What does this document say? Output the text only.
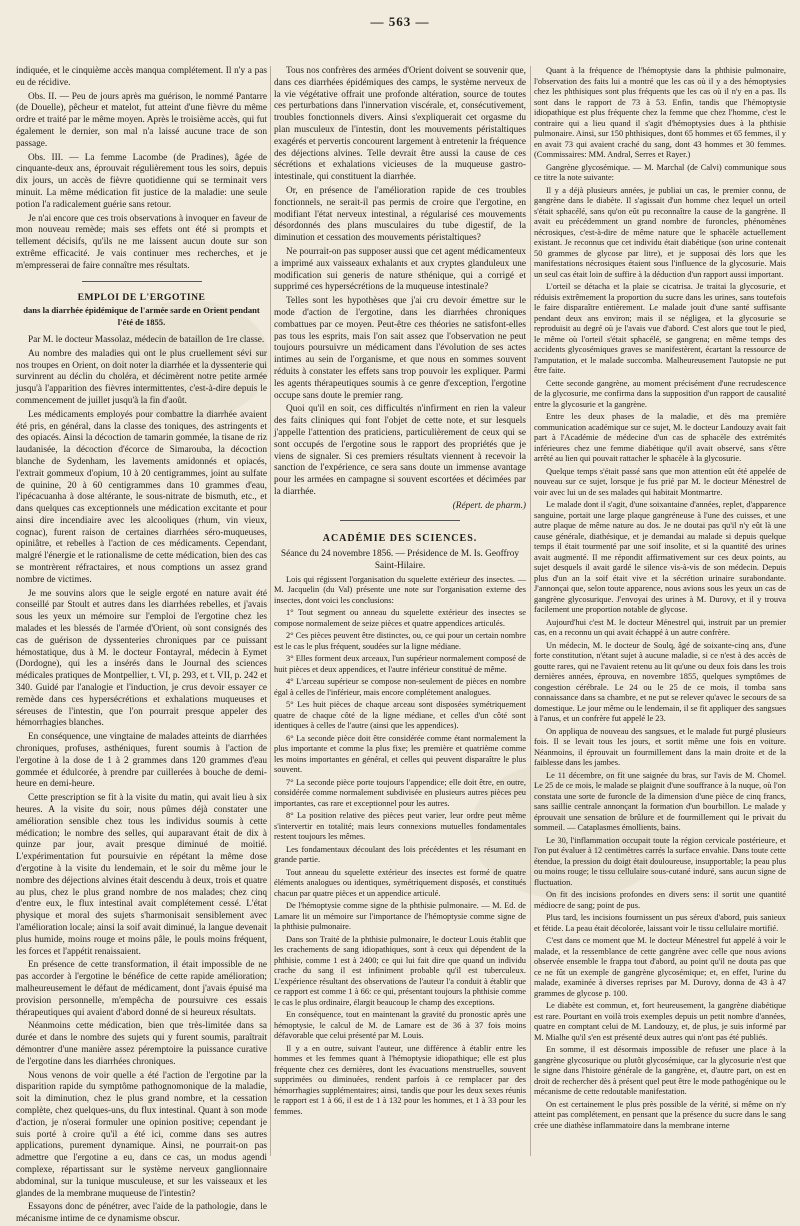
— 563 —

indiquée, et le cinquième accès manqua complétement. Il n'y a pas eu de récidive.

Obs. II. — Peu de jours après ma guérison, le nommé Pantarre (de Douelle), pêcheur et matelot, fut atteint d'une fièvre du même ordre et traité par le même moyen. Après le troisième accès, qui fut également le dernier, son mal n'a laissé aucune trace de son passage.

Obs. III. — La femme Lacombe (de Pradines), âgée de cinquante-deux ans, éprouvait régulièrement tous les soirs, depuis dix jours, un accès de fièvre quotidienne qui se terminait vers minuit. La même médication fit justice de la maladie: une seule potion l'a radicalement guérie sans retour.

Je n'ai encore que ces trois observations à invoquer en faveur de mon nouveau remède; mais ses effets ont été si prompts et tellement décisifs, qu'ils ne me laissent aucun doute sur son extrême efficacité. Je vais continuer mes recherches, et je m'empresserai de faire connaître mes résultats.

EMPLOI DE L'ERGOTINE
dans la diarrhée épidémique de l'armée sarde en Orient pendant l'été de 1855.

Par M. le docteur Massolaz, médecin de bataillon de 1re classe.

Au nombre des maladies qui ont le plus cruellement sévi sur nos troupes en Orient, on doit noter la diarrhée et la dyssenterie qui survinrent au déclin du choléra, et décimèrent notre petite armée jusqu'à l'apparition des fièvres intermittentes, c'est-à-dire depuis le commencement de juillet jusqu'à la fin d'août.

Les médicaments employés pour combattre la diarrhée avaient été pris, en général, dans la classe des toniques, des astringents et des opiacés. Ainsi la décoction de tamarin gommée, la tisane de riz laudanisée, la décoction d'écorce de Simarouba, la décoction blanche de Sydenham, les lavements amidonnés et opiacés, l'extrait gommeux d'opium, 10 à 20 centigrammes, joint au sulfate de quinine, 20 à 60 centigrammes dans 10 grammes d'eau, l'ipécacuanha à dose altérante, le sous-nitrate de bismuth, etc., et dans quelques cas exceptionnels une médication excitante et pour ainsi dire incendiaire avec les alcooliques (rhum, vin vieux, cognac), furent raison de certaines diarrhées séro-muqueuses, opiniâtre, et rebelles à l'action de ces médicaments. Cependant, malgré l'énergie et le rationalisme de cette médication, bien des cas se montrèrent réfractaires, et nous comptions un assez grand nombre de victimes.

Je me souvins alors que le seigle ergoté en nature avait été conseillé par Stoult et autres dans les diarrhées rebelles, et j'avais sous les yeux un mémoire sur l'emploi de l'ergotine chez les malades et les blessés de l'armée d'Orient, où sont consignés des cas de guérison de dyssenteries chroniques par ce puissant hémostatique, dus à M. le docteur Fontayral, médecin à Eymet (Dordogne), qui les a insérés dans le Journal des sciences médicales pratiques de Montpellier, t. VI, p. 293, et t. VII, p. 242 et 340. Guidé par l'analogie et l'induction, je crus devoir essayer ce remède dans ces hypersécrétions et exhalations muqueuses et séreuses de l'intestin, que l'on pourrait presque appeler des hémorrhagies blanches.

En conséquence, une vingtaine de malades atteints de diarrhées chroniques, profuses, asthéniques, furent soumis à l'action de l'ergotine à la dose de 1 à 2 grammes dans 120 grammes d'eau gommée et édulcorée, à prendre par cuillerées à bouche de demi-heure en demi-heure.

Cette prescription se fit à la visite du matin, qui avait lieu à six heures. A la visite du soir, nous pûmes déjà constater une amélioration sensible chez tous les individus soumis à cette médication; le nombre des selles, qui auparavant était de dix à quinze par jour, avait presque diminué de moitié. L'expérimentation fut poursuivie en répétant la même dose d'ergotine à la visite du lendemain, et le soir du même jour le nombre des déjections alvines était descendu à deux, trois et quatre au plus, chez le plus grand nombre de nos malades; chez cinq d'entre eux, le flux intestinal avait complétement cessé. L'état physique et moral des sujets s'harmonisait sensiblement avec l'amélioration locale; ainsi la soif avait diminué, la langue devenait plus humide, moins rouge et moins pâle, le pouls moins fréquent, les forces et l'appétit renaissaient.

En présence de cette transformation, il était impossible de ne pas accorder à l'ergotine le bénéfice de cette rapide amélioration; malheureusement le défaut de médicament, dont j'avais épuisé ma provision personnelle, m'empêcha de poursuivre ces essais thérapeutiques qui avaient d'abord donné de si heureux résultats.

Néanmoins cette médication, bien que très-limitée dans sa durée et dans le nombre des sujets qui y furent soumis, paraîtrait démontrer d'une manière assez péremptoire la puissance curative de l'ergotine dans les diarrhées chroniques.

Nous venons de voir quelle a été l'action de l'ergotine par la disparition rapide du symptôme pathognomonique de la maladie, soit la diminution, chez le plus grand nombre, et la cessation complète, chez quelques-uns, du flux intestinal. Quant à son mode d'action, je n'oserai formuler une opinion positive; cependant je suis porté à croire qu'il a été ici, comme dans ses autres applications, purement dynamique. Ainsi, ne pourrait-on pas admettre que l'ergotine a eu, dans ce cas, un modus agendi complexe, répartissant sur le système nerveux ganglionnaire abdominal, sur la tunique musculeuse, et sur les vaisseaux et les glandes de la membrane muqueuse de l'intestin?

Essayons donc de pénétrer, avec l'aide de la pathologie, dans le mécanisme intime de ce dynamisme obscur.

Tous nos confrères des armées d'Orient doivent se souvenir que, dans ces diarrhées épidémiques des camps, le système nerveux de la vie végétative offrait une profonde altération, source de toutes ces perturbations dans l'innervation viscérale, et, consécutivement, troubles fonctionnels divers. Ainsi s'expliquerait cet orgasme du plan musculeux de l'intestin, dont les mouvements péristaltiques exagérés et pervertis concourent largement à entretenir la fréquence des déjections alvines. Telle devrait être aussi la cause de ces sécrétions et exhalations vicieuses de la muqueuse gastro-intestinale, qui constituent la diarrhée.

Or, en présence de l'amélioration rapide de ces troubles fonctionnels, ne serait-il pas permis de croire que l'ergotine, en modifiant l'état nerveux intestinal, a régularisé ces mouvements désordonnés des plans musculaires du tube digestif, de la diminution et cessation des mouvements péristaltiques?

Ne pourrait-on pas supposer aussi que cet agent médicamenteux a imprimé aux vaisseaux exhalants et aux cryptes glanduleux une modification sui generis de nature sthénique, qui a corrigé et supprimé ces hypersécrétions de la muqueuse intestinale?

Telles sont les hypothèses que j'ai cru devoir émettre sur le mode d'action de l'ergotine, dans les diarrhées chroniques combattues par ce moyen. Peut-être ces théories ne satisfont-elles pas tous les esprits, mais l'on sait assez que l'observation ne peut toujours poursuivre un médicament dans l'évolution de ses actes intimes au sein de l'organisme, et que nous en sommes souvent réduits à constater les effets sans trop pouvoir les expliquer. Parmi les agents thérapeutiques soumis à ce genre d'exception, l'ergotine occupe sans doute le premier rang.

Quoi qu'il en soit, ces difficultés n'infirment en rien la valeur des faits cliniques qui font l'objet de cette note, et sur lesquels j'appelle l'attention des praticiens, particulièrement de ceux qui se sont occupés de l'ergotine sous le rapport des propriétés que je viens de signaler. Si ces premiers résultats viennent à recevoir la sanction de l'expérience, ce sera sans doute un immense avantage pour les armées en campagne si souvent escortées et décimées par la diarrhée.

(Répert. de pharm.)

ACADÉMIE DES SCIENCES.

Séance du 24 novembre 1856. — Présidence de M. Is. Geoffroy Saint-Hilaire.

Lois qui régissent l'organisation du squelette extérieur des insectes. — M. Jacquelin (du Val) présente une note sur l'organisation externe des insectes, dont voici les conclusions:

1° Tout segment ou anneau du squelette extérieur des insectes se compose normalement de seize pièces et quatre appendices articulés.

2° Ces pièces peuvent être distinctes, ou, ce qui pour un certain nombre est le cas le plus fréquent, soudées sur la ligne médiane.

3° Elles forment deux arceaux, l'un supérieur normalement composé de huit pièces et deux appendices, et l'autre inférieur constitué de même.

4° L'arceau supérieur se compose non-seulement de pièces en nombre égal à celles de l'inférieur, mais encore complétement analogues.

5° Les huit pièces de chaque arceau sont disposées symétriquement quatre de chaque côté de la ligne médiane, et celles d'un côté sont identiques à celles de l'autre (ainsi que les appendices).

6° La seconde pièce doit être considérée comme étant normalement la plus importante et comme la plus fixe; les première et quatrième comme les moins importantes en général, et celles qui peuvent disparaître le plus souvent.

7° La seconde pièce porte toujours l'appendice; elle doit être, en outre, considérée comme normalement subdivisée en plusieurs autres pièces peu importantes, cas rare et exceptionnel pour les autres.

8° La position relative des pièces peut varier, leur ordre peut même s'intervertir en totalité; mais leurs connexions mutuelles fondamentales restent toujours les mêmes.

Les fondamentaux découlant des lois précédentes et les résumant en grande partie.

Tout anneau du squelette extérieur des insectes est formé de quatre éléments analogues ou identiques, symétriquement disposés, et constitués chacun par quatre pièces et un appendice articulé.

De l'hémoptysie comme signe de la phthisie pulmonaire. — M. Ed. de Lamare lit un mémoire sur l'importance de l'hémoptysie comme signe de la phthisie pulmonaire.

Dans son Traité de la phthisie pulmonaire, le docteur Louis établit que les crachements de sang idiopathiques, sont à ceux qui dépendent de la phthisie, comme 1 est à 2400; ce qui lui fait dire que quand un individu crache du sang il est infiniment probable qu'il est tuberculeux. L'expérience résultant des observations de l'auteur l'a conduit à établir que ce rapport est comme 1 à 66: ce qui, présentant toujours la phthisie comme le cas le plus ordinaire, élargit beaucoup le champ des exceptions.

En conséquence, tout en maintenant la gravité du pronostic après une hémoptysie, le calcul de M. de Lamare est de 36 à 37 fois moins défavorable que celui présenté par M. Louis.

Il y a en outre, suivant l'auteur, une différence à établir entre les hommes et les femmes quant à l'hémoptysie idiopathique; elle est plus fréquente chez ces dernières, dont les évacuations menstruelles, souvent supprimées ou diminuées, rendent parfois à ce remplacer par des hémorrhagies supplémentaires; ainsi, tandis que pour les deux sexes réunis le rapport est 1 à 66, il est de 1 à 132 pour les hommes, et 1 à 33 pour les femmes.

Quant à la fréquence de l'hémoptysie dans la phthisie pulmonaire, l'observation des faits lui a montré que les cas où il y a des hémoptysies chez les phthisiques sont plus fréquents que les cas où il n'y en a pas. Ils sont dans le rapport de 73 à 53. Enfin, tandis que l'hémoptysie idiopathique est plus fréquente chez la femme que chez l'homme, c'est le contraire qui a lieu quand il s'agit d'hémoptysies dues à la phthisie pulmonaire. Ainsi, sur 150 phthisiques, dont 65 hommes et 65 femmes, il y en avait 73 qui avaient craché du sang, dont 43 hommes et 30 femmes. (Commissaires: MM. Andral, Serres et Rayer.)

Gangrène glycosémique. — M. Marchal (de Calvi) communique sous ce titre la note suivante:

Il y a déjà plusieurs années, je publiai un cas, le premier connu, de gangrène dans le diabète. Il s'agissait d'un homme chez lequel un orteil s'était sphacélé, sans qu'on eût pu reconnaître la cause de la gangrène. Il avait eu précédemment un grand nombre de furoncles, phénomènes nécrosiques, c'est-à-dire de même nature que le sphacèle actuellement existant. Je reconnus que cet individu était diabétique (son urine contenait 50 grammes de glycose par litre), et je supposai dès lors que les manifestations nécrosiques étaient sous l'influence de la glycosurie. Mais un seul cas était loin de suffire à la déduction d'un rapport aussi important.

L'orteil se détacha et la plaie se cicatrisa. Je traitai la glycosurie, et réduisis extrêmement la proportion du sucre dans les urines, sans toutefois le faire disparaître entièrement. Le malade jouit d'une santé suffisante pendant deux ans environ; mais il se négligea, et la glycosurie se reproduisit au degré où je l'avais vue d'abord. C'est alors que tout le pied, le même où l'orteil s'était sphacélé, se gangrena; en même temps des accidents glycosémiques graves se manifestèrent, écartant la ressource de l'amputation, et le malade succomba. Malheureusement l'autopsie ne put être faite.

Cette seconde gangrène, au moment précisément d'une recrudescence de la glycosurie, me confirma dans la supposition d'un rapport de causalité entre la glycosurie et la gangrène.

Entre les deux phases de la maladie, et dès ma première communication académique sur ce sujet, M. le docteur Landouzy avait fait part à l'Académie de médecine d'un cas de sphacèle des extrémités inférieures chez une femme diabétique qu'il avait observé, sans s'être arrêté au lien qui pouvait rattacher le sphacèle à la glycosurie.

Quelque temps s'était passé sans que mon attention eût été appelée de nouveau sur ce sujet, lorsque je fus prié par M. le docteur Ménestrel de voir avec lui un de ses malades qui habitait Montmartre.

Le malade dont il s'agit, d'une soixantaine d'années, replet, d'apparence sanguine, portait une large plaque gangréneuse à l'une des cuisses, et une autre plaque de même nature au dos. Je ne doutai pas qu'il n'y eût là une cause générale, diathésique, et je demandai au malade si depuis quelque temps il était tourmenté par une soif insolite, et si la quantité des urines avait augmenté. Il me répondit affirmativement sur ces deux points, au sujet desquels il avait gardé le silence vis-à-vis de son médecin. Depuis plus d'un an la soif était vive et la sécrétion urinaire surabondante. J'annonçai que, selon toute apparence, nous avions sous les yeux un cas de gangrène glycosurique. J'envoyai des urines à M. Durovy, et il y trouva facilement une proportion notable de glycose.

Aujourd'hui c'est M. le docteur Ménestrel qui, instruit par un premier cas, en a reconnu un qui avait échappé à un autre confrère.

Un médecin, M. le docteur de Soulq, âgé de soixante-cinq ans, d'une forte constitution, n'étant sujet à aucune maladie, si ce n'est à des accès de goutte rares, qui ne l'avaient retenu au lit qu'une ou deux fois dans les trois dernières années, éprouva, en novembre 1855, quelques symptômes de congestion cérébrale. Le 24 ou le 25 de ce mois, il tomba sans connaissance dans sa chambre, et ne put se relever qu'avec le secours de sa domestique. Le jour même ou le lendemain, il se fit appliquer des sangsues à l'anus, et un confrère fut appelé le 23.

On appliqua de nouveau des sangsues, et le malade fut purgé plusieurs fois. Il se levait tous les jours, et sortit même une fois en voiture. Néanmoins, il éprouvait un fourmillement dans la main droite et de la faiblesse dans les jambes.

Le 11 décembre, on fit une saignée du bras, sur l'avis de M. Chomel. Le 25 de ce mois, le malade se plaignit d'une souffrance à la nuque, où l'on constata une sorte de furoncle de la dimension d'une pièce de cinq francs, sans saillie centrale annonçant la formation d'un bourbillon. Le malade y éprouvait une sensation de brûlure et de fourmillement qui le privait du sommeil. — Cataplasmes émollients, bains.

Le 30, l'inflammation occupait toute la région cervicale postérieure, et l'on put évaluer à 12 centimètres carrés la surface envahie. Dans toute cette étendue, la pression du doigt était douloureuse, insupportable; la peau plus ou moins rouge; le tissu cellulaire sous-cutané induré, sans aucun signe de fluctuation.

On fit des incisions profondes en divers sens: il sortit une quantité médiocre de sang; point de pus.

Plus tard, les incisions fournissent un pus séreux d'abord, puis sanieux et fétide. La peau était décolorée, laissant voir le tissu cellulaire mortifié.

C'est dans ce moment que M. le docteur Ménestrel fut appelé à voir le malade, et la ressemblance de cette gangrène avec celle que nous avions observée ensemble le frappa tout d'abord, au point qu'il ne douta pas que ce ne fût un exemple de gangrène glycosémique; et, en effet, l'urine du malade, examinée à diverses reprises par M. Durovy, donna de 43 à 47 grammes de glycose p. 100.

Le diabète est commun, et, fort heureusement, la gangrène diabétique est rare. Pourtant en voilà trois exemples depuis un petit nombre d'années, quatre en comptant celui de M. Landouzy, et, de plus, je suis informé par M. Mialhe qu'il s'en est présenté deux autres qui n'ont pas été publiés.

En somme, il est désormais impossible de refuser une place à la gangrène glycosurique ou plutôt glycosémique, car la glycosurie n'est que le signe dans l'histoire générale de la gangrène, et, d'autre part, on est en droit de rechercher dès à présent quel peut être le mode pathogénique ou le mécanisme de cette redoutable manifestation.

On est certainement le plus près possible de la vérité, si même on n'y atteint pas complétement, en pensant que la présence du sucre dans le sang crée une diathèse inflammatoire dans la membrane interne
